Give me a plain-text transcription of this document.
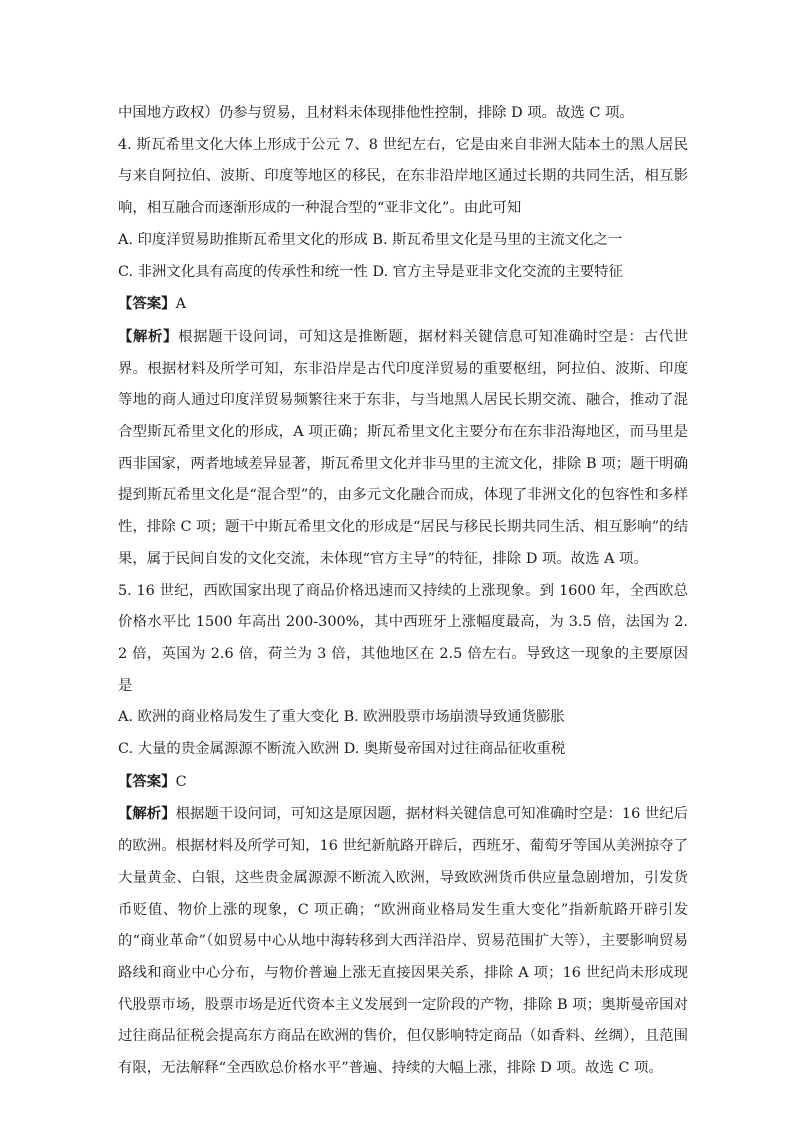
中国地方政权）仍参与贸易，且材料未体现排他性控制，排除 D 项。故选 C 项。

4. 斯瓦希里文化大体上形成于公元 7、8 世纪左右，它是由来自非洲大陆本土的黑人居民与来自阿拉伯、波斯、印度等地区的移民，在东非沿岸地区通过长期的共同生活，相互影响，相互融合而逐渐形成的一种混合型的“亚非文化”。由此可知

A. 印度洋贸易助推斯瓦希里文化的形成 B. 斯瓦希里文化是马里的主流文化之一

C. 非洲文化具有高度的传承性和统一性 D. 官方主导是亚非文化交流的主要特征

【答案】A

【解析】根据题干设问词，可知这是推断题，据材料关键信息可知准确时空是：古代世界。根据材料及所学可知，东非沿岸是古代印度洋贸易的重要枢纽，阿拉伯、波斯、印度等地的商人通过印度洋贸易频繁往来于东非，与当地黑人居民长期交流、融合，推动了混合型斯瓦希里文化的形成，A 项正确；斯瓦希里文化主要分布在东非沿海地区，而马里是西非国家，两者地域差异显著，斯瓦希里文化并非马里的主流文化，排除 B 项；题干明确提到斯瓦希里文化是“混合型”的，由多元文化融合而成，体现了非洲文化的包容性和多样性，排除 C 项；题干中斯瓦希里文化的形成是“居民与移民长期共同生活、相互影响”的结果，属于民间自发的文化交流，未体现“官方主导”的特征，排除 D 项。故选 A 项。

5. 16 世纪，西欧国家出现了商品价格迅速而又持续的上涨现象。到 1600 年，全西欧总价格水平比 1500 年高出 200-300%，其中西班牙上涨幅度最高，为 3.5 倍，法国为 2.2 倍，英国为 2.6 倍，荷兰为 3 倍，其他地区在 2.5 倍左右。导致这一现象的主要原因是

A. 欧洲的商业格局发生了重大变化 B. 欧洲股票市场崩溃导致通货膨胀

C. 大量的贵金属源源不断流入欧洲 D. 奥斯曼帝国对过往商品征收重税

【答案】C

【解析】根据题干设问词，可知这是原因题，据材料关键信息可知准确时空是：16 世纪后的欧洲。根据材料及所学可知，16 世纪新航路开辟后，西班牙、葡萄牙等国从美洲掠夺了大量黄金、白银，这些贵金属源源不断流入欧洲，导致欧洲货币供应量急剧增加，引发货币贬值、物价上涨的现象，C 项正确；“欧洲商业格局发生重大变化”指新航路开辟引发的“商业革命”（如贸易中心从地中海转移到大西洋沿岸、贸易范围扩大等），主要影响贸易路线和商业中心分布，与物价普遍上涨无直接因果关系，排除 A 项；16 世纪尚未形成现代股票市场，股票市场是近代资本主义发展到一定阶段的产物，排除 B 项；奥斯曼帝国对过往商品征税会提高东方商品在欧洲的售价，但仅影响特定商品（如香料、丝绸），且范围有限，无法解释“全西欧总价格水平”普遍、持续的大幅上涨，排除 D 项。故选 C 项。
